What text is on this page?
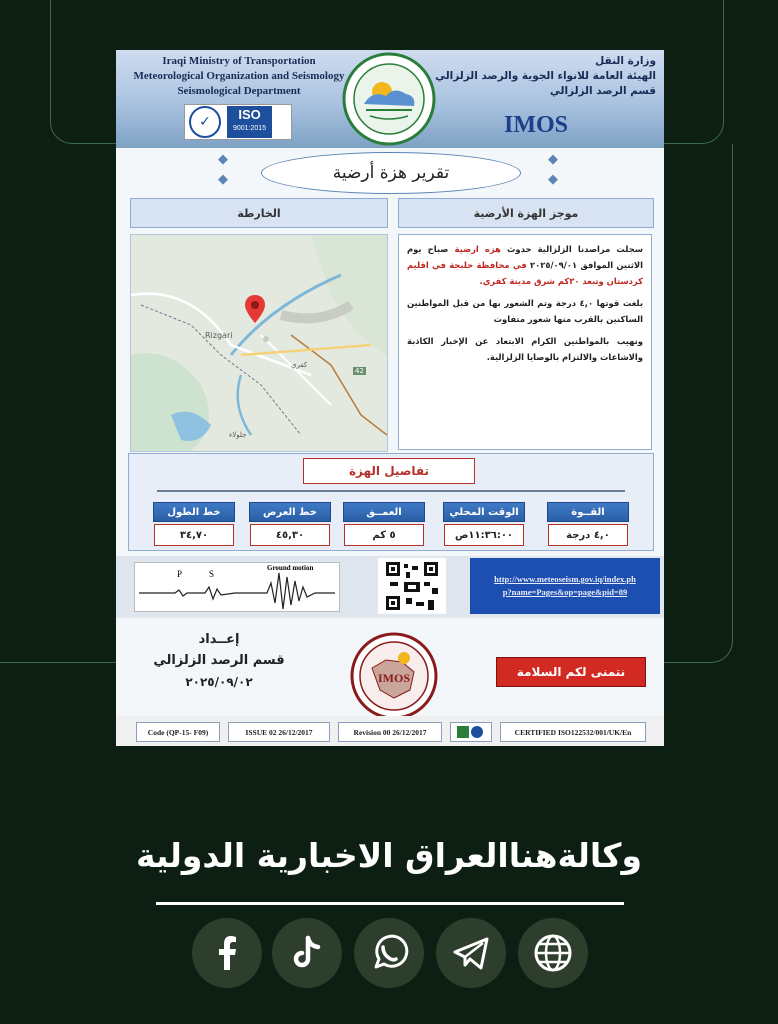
Iraqi Ministry of Transportation
Meteorological Organization and Seismology
Seismological Department
وزارة النقل
الهيئة العامة للانواء الجوية والرصد الزلزالي
قسم الرصد الزلزالي
✓	ISO
9001:2015	IMOS
◆
◆
◆
◆
تقرير هزة أرضية
موجز الهزة الأرضية
الخارطة
Rizgari
كفري
جلولاء
42

سجلت مراصدنا الزلزالية حدوث هزه ارضية صباح يوم الاثنين الموافق ٢٠٢٥/٠٩/٠١ في محافظة حلبجة في اقليم كردستان وتبعد ٣٠كم شرق مدينة كفري.

بلغت قوتها ٤,٠ درجة وتم الشعور بها من قبل المواطنين الساكنين بالقرب منها شعور متفاوت

ونهيب بالمواطنين الكرام الابتعاد عن الإخبار الكاذبة والاشاعات والالتزام بالوصايا الزلزالية.

تفاصيل الهزة
القــوة
٤,٠ درجة
الوقت المحلي
١١:٣٦:٠٠ص
العمــق
٥ كم
خط العرض
٤٥,٣٠
خط الطول
٣٤,٧٠
P	S
Ground motion
http://www.meteoseism.gov.iq/index.ph
p?name=Pages&op=page&pid=89
إعــداد
قسم الرصد الزلزالي
٢٠٢٥/٠٩/٠٢	IMOS	نتمنى لكم السلامة
Code (QP-15- F09)	ISSUE 02 26/12/2017	Revision 00 26/12/2017	CERTIFIED ISO122532/001/UK/En
وكالةهناالعراق الاخبارية الدولية
